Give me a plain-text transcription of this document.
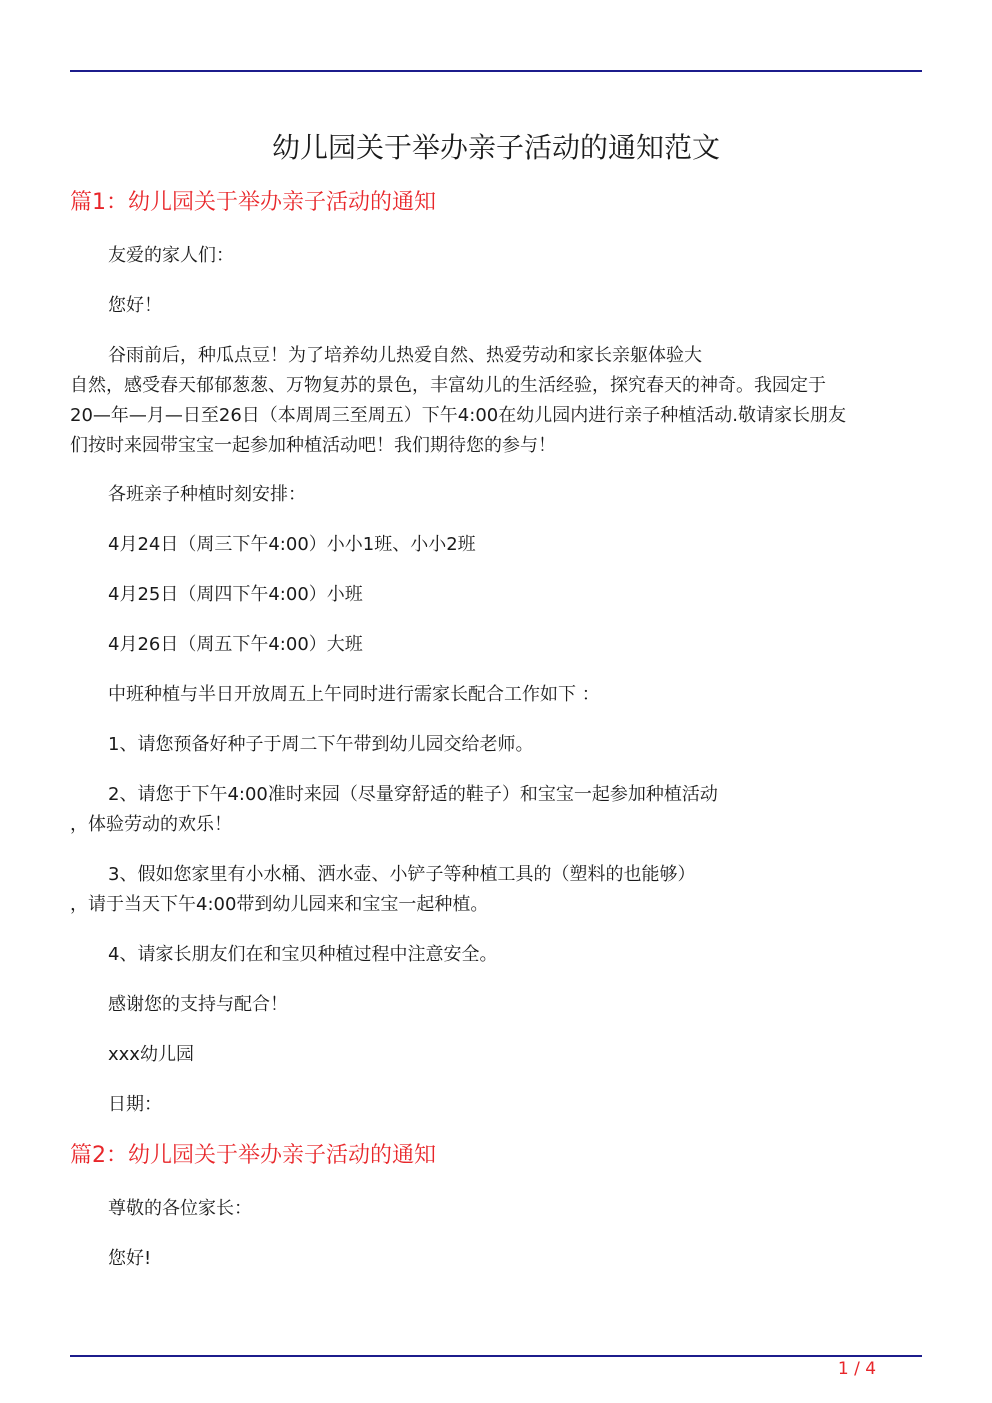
幼儿园关于举办亲子活动的通知范文
篇1：幼儿园关于举办亲子活动的通知
友爱的家人们：
您好！
谷雨前后，种瓜点豆！为了培养幼儿热爱自然、热爱劳动和家长亲躯体验大
自然，感受春天郁郁葱葱、万物复苏的景色，丰富幼儿的生活经验，探究春天的神奇。我园定于
20—年—月—日至26日（本周周三至周五）下午4:00在幼儿园内进行亲子种植活动.敬请家长朋友
们按时来园带宝宝一起参加种植活动吧！我们期待您的参与！
各班亲子种植时刻安排：
4月24日（周三下午4:00）小小1班、小小2班
4月25日（周四下午4:00）小班
4月26日（周五下午4:00）大班
中班种植与半日开放周五上午同时进行需家长配合工作如下 ：
1、请您预备好种子于周二下午带到幼儿园交给老师。
2、请您于下午4:00准时来园（尽量穿舒适的鞋子）和宝宝一起参加种植活动
，体验劳动的欢乐！
3、假如您家里有小水桶、洒水壶、小铲子等种植工具的（塑料的也能够）
，请于当天下午4:00带到幼儿园来和宝宝一起种植。
4、请家长朋友们在和宝贝种植过程中注意安全。
感谢您的支持与配合！
xxx幼儿园
日期：
篇2：幼儿园关于举办亲子活动的通知
尊敬的各位家长：
您好!
1 / 4
